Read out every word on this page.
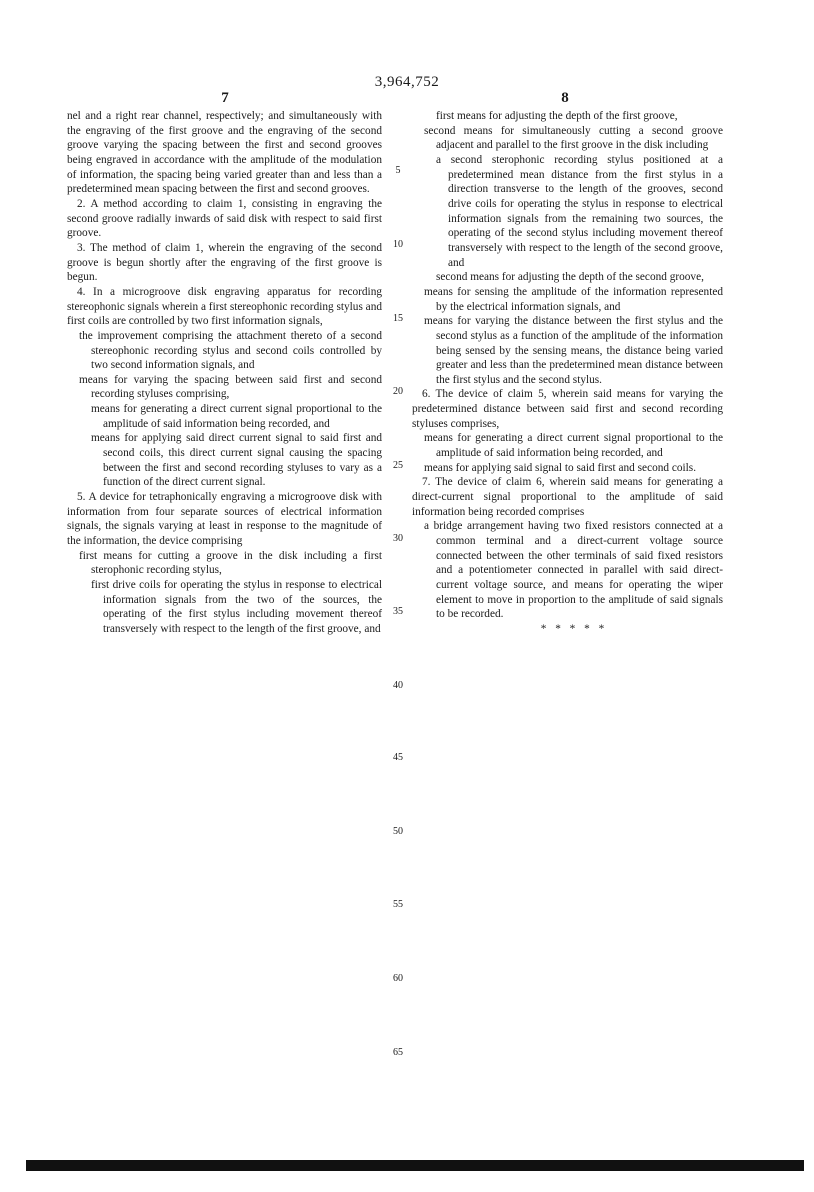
3,964,752
7	8

nel and a right rear channel, respectively; and simultaneously with the engraving of the first groove and the engraving of the second groove varying the spacing between the first and second grooves being engraved in accordance with the amplitude of the modulation of information, the spacing being varied greater than and less than a predetermined mean spacing between the first and second grooves.

2. A method according to claim 1, consisting in engraving the second groove radially inwards of said disk with respect to said first groove.

3. The method of claim 1, wherein the engraving of the second groove is begun shortly after the engraving of the first groove is begun.

4. In a microgroove disk engraving apparatus for recording stereophonic signals wherein a first stereophonic recording stylus and first coils are controlled by two first information signals,

the improvement comprising the attachment thereto of a second stereophonic recording stylus and second coils controlled by two second information signals, and

means for varying the spacing between said first and second recording styluses comprising,

means for generating a direct current signal proportional to the amplitude of said information being recorded, and

means for applying said direct current signal to said first and second coils, this direct current signal causing the spacing between the first and second recording styluses to vary as a function of the direct current signal.

5. A device for tetraphonically engraving a microgroove disk with information from four separate sources of electrical information signals, the signals varying at least in response to the magnitude of the information, the device comprising

first means for cutting a groove in the disk including a first sterophonic recording stylus,

first drive coils for operating the stylus in response to electrical information signals from the two of the sources, the operating of the first stylus including movement thereof transversely with respect to the length of the first groove, and

first means for adjusting the depth of the first groove,

second means for simultaneously cutting a second groove adjacent and parallel to the first groove in the disk including

a second sterophonic recording stylus positioned at a predetermined mean distance from the first stylus in a direction transverse to the length of the grooves, second drive coils for operating the stylus in response to electrical information signals from the remaining two sources, the operating of the second stylus including movement thereof transversely with respect to the length of the second groove, and

second means for adjusting the depth of the second groove,

means for sensing the amplitude of the information represented by the electrical information signals, and

means for varying the distance between the first stylus and the second stylus as a function of the amplitude of the information being sensed by the sensing means, the distance being varied greater and less than the predetermined mean distance between the first stylus and the second stylus.

6. The device of claim 5, wherein said means for varying the predetermined distance between said first and second recording styluses comprises,

means for generating a direct current signal proportional to the amplitude of said information being recorded, and

means for applying said signal to said first and second coils.

7. The device of claim 6, wherein said means for generating a direct-current signal proportional to the amplitude of said information being recorded comprises

a bridge arrangement having two fixed resistors connected at a common terminal and a direct-current voltage source connected between the other terminals of said fixed resistors and a potentiometer connected in parallel with said direct-current voltage source, and means for operating the wiper element to move in proportion to the amplitude of said signals to be recorded.

* * * * *
5
10
15
20
25
30
35
40
45
50
55
60
65
